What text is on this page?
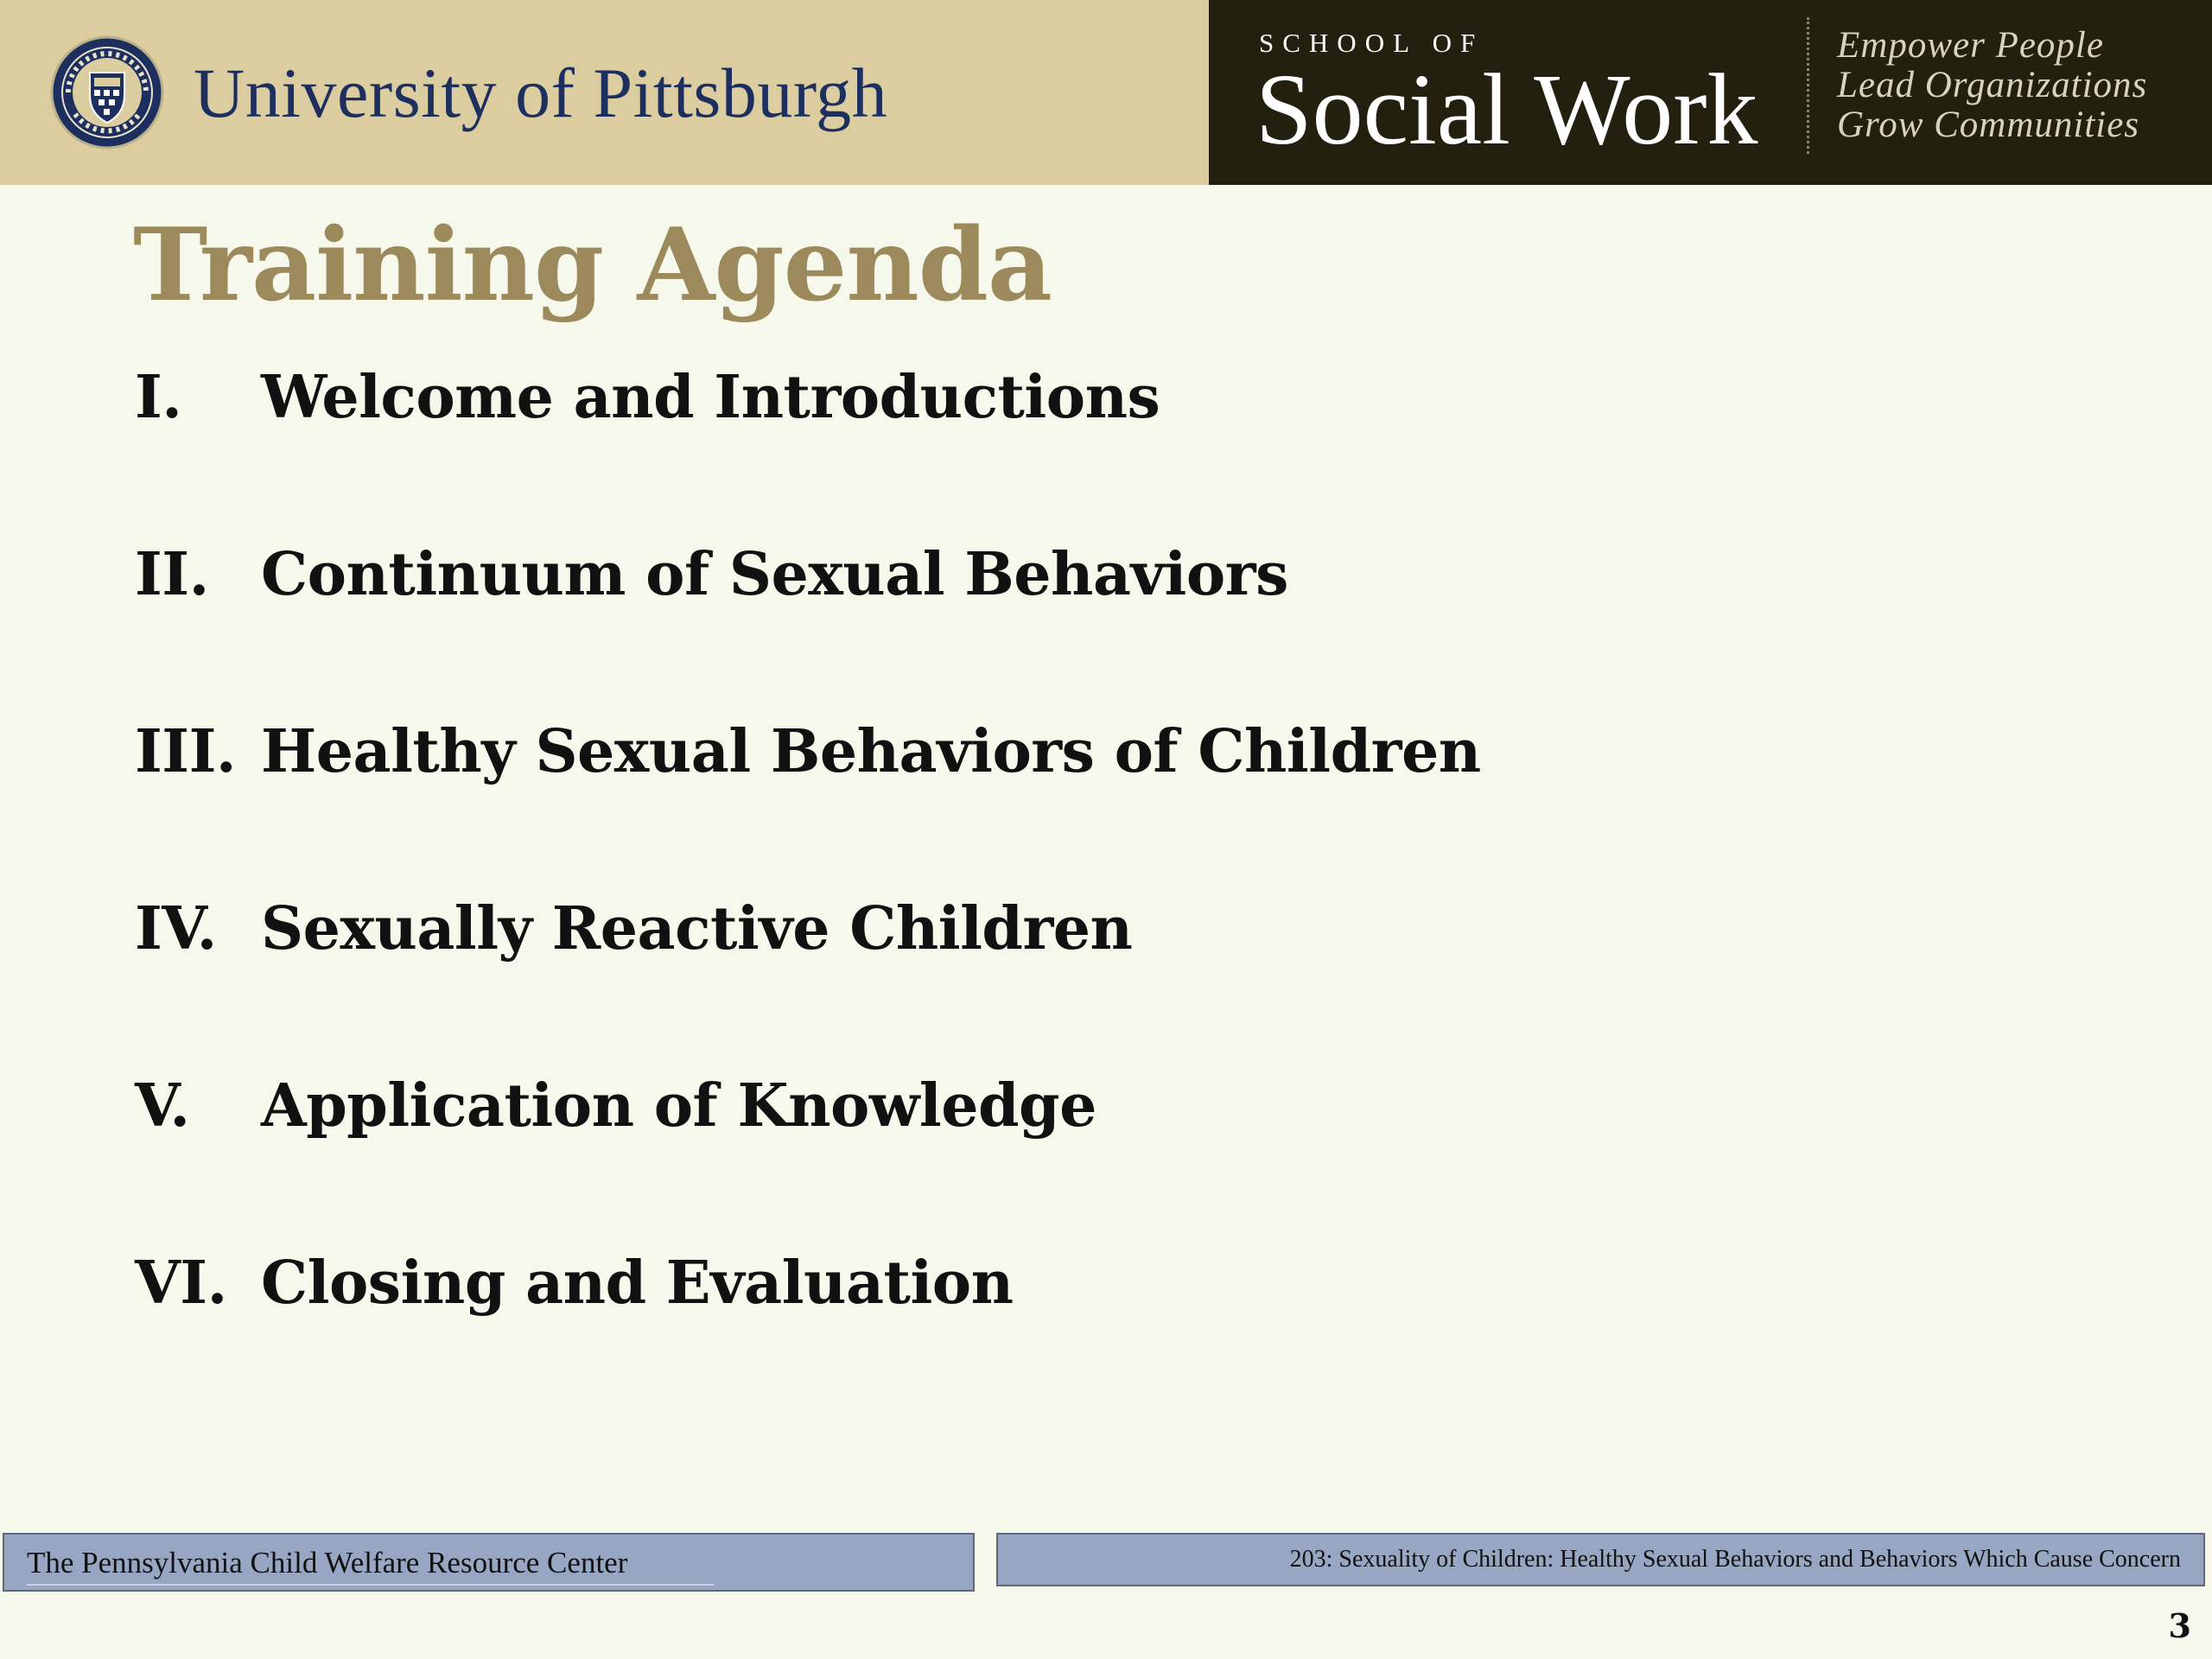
University of Pittsburgh
SCHOOL OF
Social Work
Empower People
Lead Organizations
Grow Communities
Training Agenda
I. Welcome and Introductions
II. Continuum of Sexual Behaviors
III. Healthy Sexual Behaviors of Children
IV. Sexually Reactive Children
V. Application of Knowledge
VI. Closing and Evaluation
The Pennsylvania Child Welfare Resource Center	203: Sexuality of Children: Healthy Sexual Behaviors and Behaviors Which Cause Concern
3
